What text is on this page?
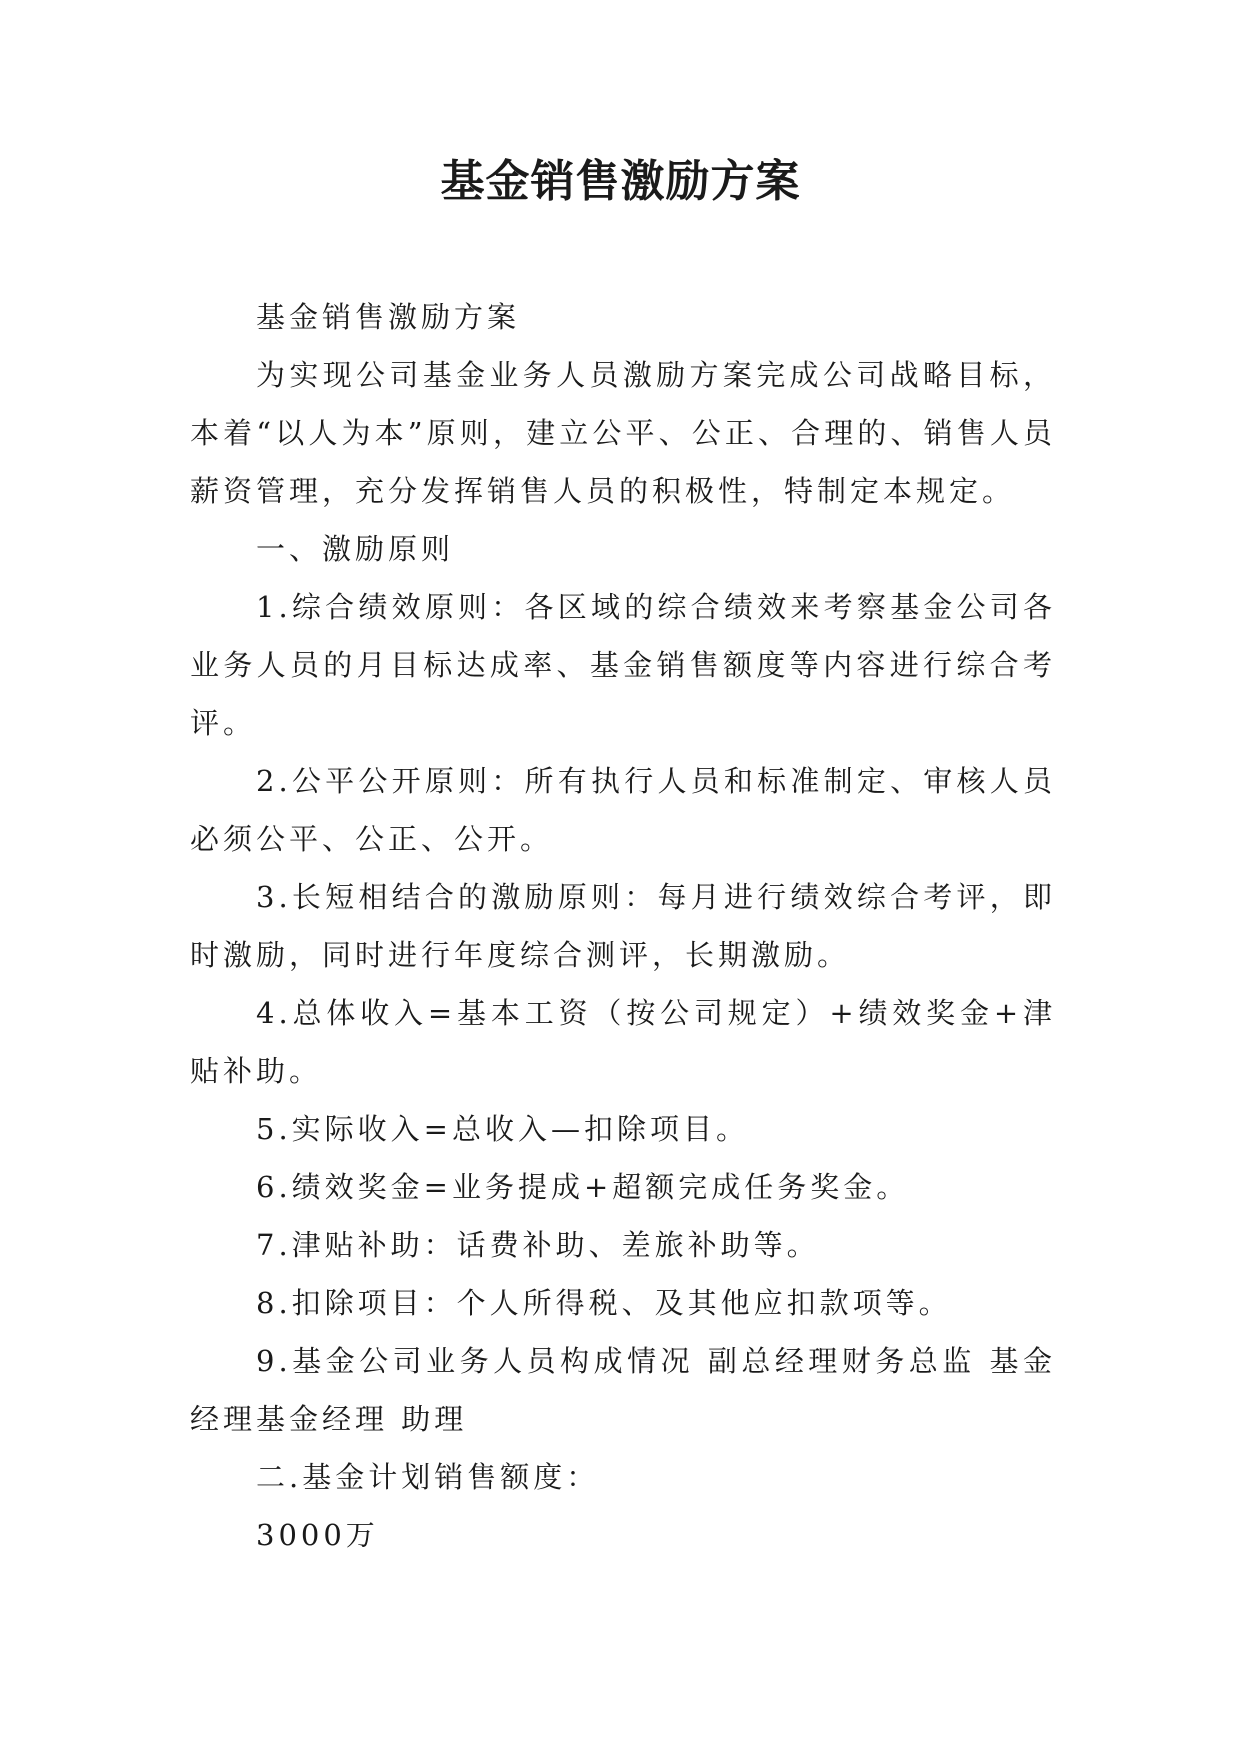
基金销售激励方案

基金销售激励方案

为实现公司基金业务人员激励方案完成公司战略目标，本着“以人为本”原则，建立公平、公正、合理的、销售人员薪资管理，充分发挥销售人员的积极性，特制定本规定。

一、激励原则

1.综合绩效原则：各区域的综合绩效来考察基金公司各业务人员的月目标达成率、基金销售额度等内容进行综合考评。

2.公平公开原则：所有执行人员和标准制定、审核人员必须公平、公正、公开。

3.长短相结合的激励原则：每月进行绩效综合考评，即时激励，同时进行年度综合测评，长期激励。

4.总体收入=基本工资（按公司规定）+绩效奖金+津贴补助。

5.实际收入=总收入—扣除项目。

6.绩效奖金=业务提成+超额完成任务奖金。

7.津贴补助：话费补助、差旅补助等。

8.扣除项目：个人所得税、及其他应扣款项等。

9.基金公司业务人员构成情况 副总经理财务总监 基金经理基金经理 助理

二.基金计划销售额度：

3000万
